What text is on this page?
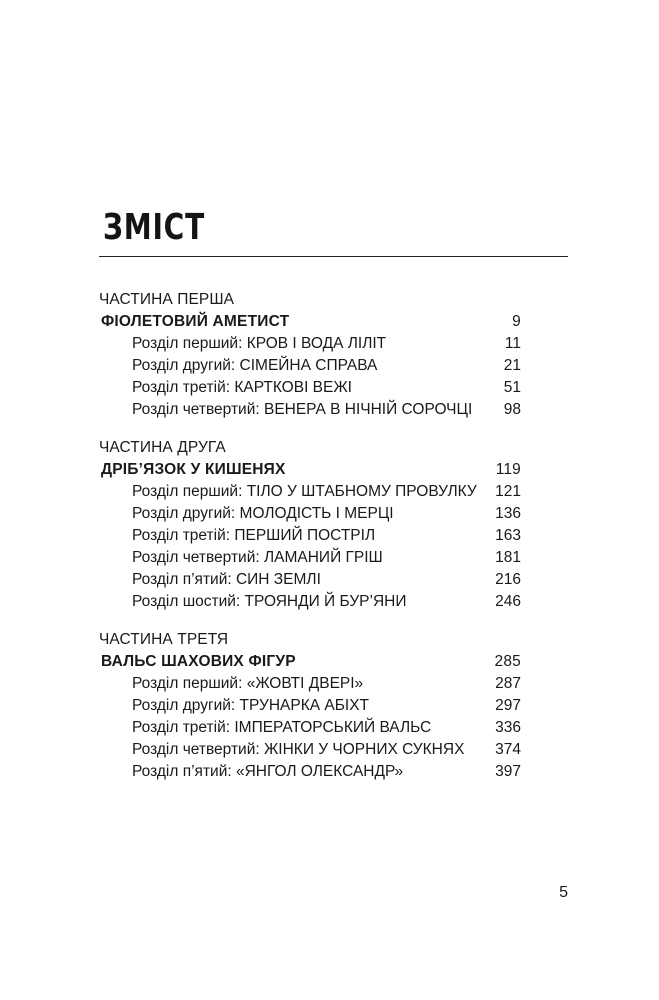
ЗМІСТ
ЧАСТИНА ПЕРША
ФІОЛЕТОВИЙ АМЕТИСТ	9
Розділ перший: КРОВ І ВОДА ЛІЛІТ	11
Розділ другий: СІМЕЙНА СПРАВА	21
Розділ третій: КАРТКОВІ ВЕЖІ	51
Розділ четвертий: ВЕНЕРА В НІЧНІЙ СОРОЧЦІ 98
ЧАСТИНА ДРУГА
ДРІБ’ЯЗОК У КИШЕНЯХ	119
Розділ перший: ТІЛО У ШТАБНОМУ ПРОВУЛКУ 121
Розділ другий: МОЛОДІСТЬ І МЕРЦІ	136
Розділ третій: ПЕРШИЙ ПОСТРІЛ	163
Розділ четвертий: ЛАМАНИЙ ГРІШ	181
Розділ п’ятий: СИН ЗЕМЛІ	216
Розділ шостий: ТРОЯНДИ Й БУР’ЯНИ	246
ЧАСТИНА ТРЕТЯ
ВАЛЬС ШАХОВИХ ФІГУР	285
Розділ перший: «ЖОВТІ ДВЕРІ»	287
Розділ другий: ТРУНАРКА АБІХТ	297
Розділ третій: ІМПЕРАТОРСЬКИЙ ВАЛЬС	336
Розділ четвертий: ЖІНКИ У ЧОРНИХ СУКНЯХ 374
Розділ п’ятий: «ЯНГОЛ ОЛЕКСАНДР»	397
5
